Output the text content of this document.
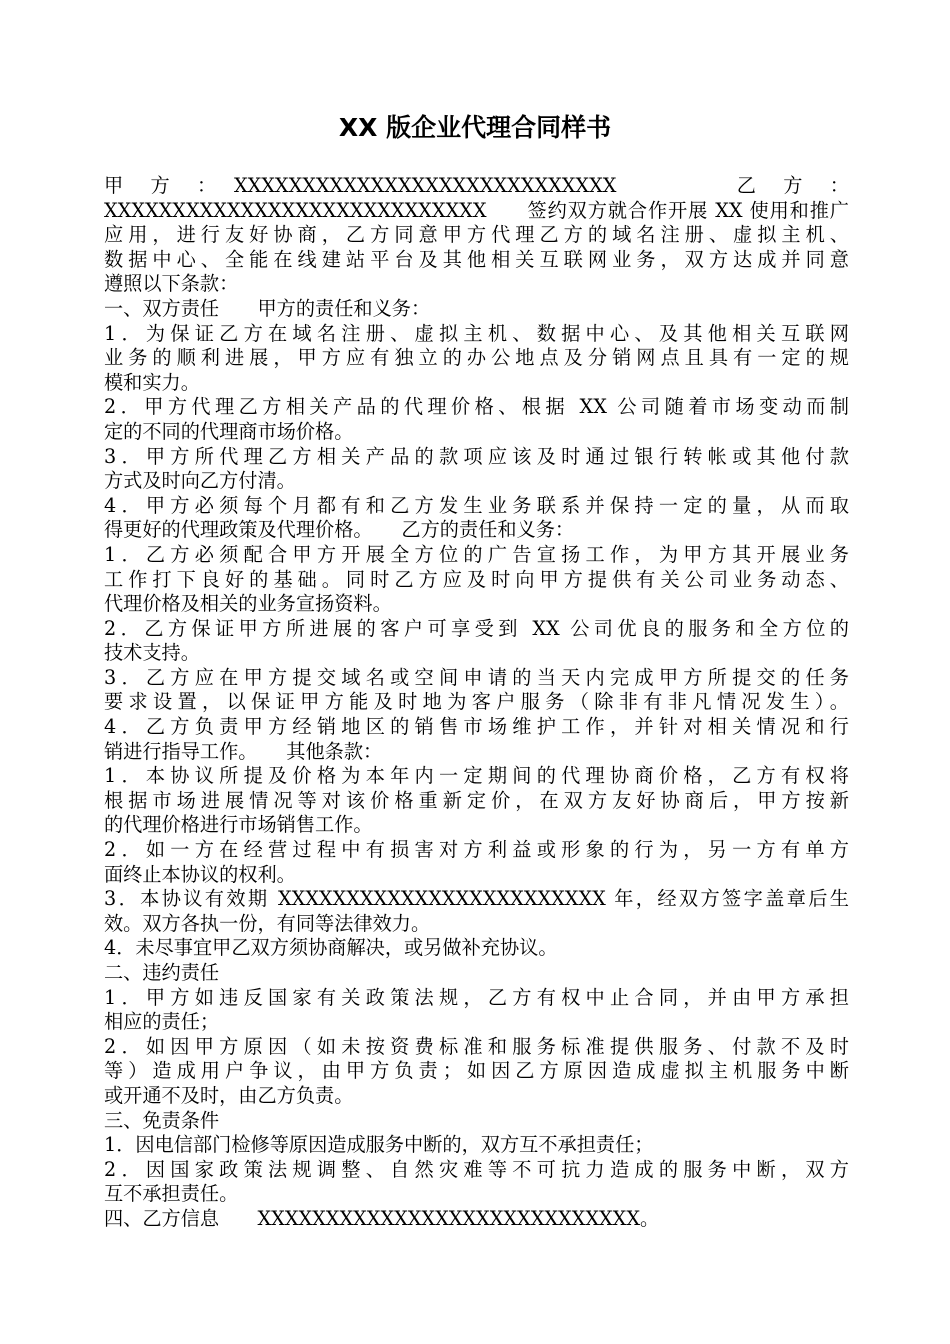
XX 版企业代理合同样书
甲　方　：　XXXXXXXXXXXXXXXXXXXXXXXXXXXX　　　　　乙　方　：
XXXXXXXXXXXXXXXXXXXXXXXXXXXX　　签约双方就合作开展 XX 使用和推广
应用，进行友好协商，乙方同意甲方代理乙方的域名注册、虚拟主机、
数据中心、全能在线建站平台及其他相关互联网业务，双方达成并同意
遵照以下条款：
一、双方责任　　甲方的责任和义务：
1．为保证乙方在域名注册、虚拟主机、数据中心、及其他相关互联网
业务的顺利进展，甲方应有独立的办公地点及分销网点且具有一定的规
模和实力。
2．甲方代理乙方相关产品的代理价格、根据 XX 公司随着市场变动而制
定的不同的代理商市场价格。
3．甲方所代理乙方相关产品的款项应该及时通过银行转帐或其他付款
方式及时向乙方付清。
4．甲方必须每个月都有和乙方发生业务联系并保持一定的量，从而取
得更好的代理政策及代理价格。　　乙方的责任和义务：
1．乙方必须配合甲方开展全方位的广告宣扬工作，为甲方其开展业务
工作打下良好的基础。同时乙方应及时向甲方提供有关公司业务动态、
代理价格及相关的业务宣扬资料。
2．乙方保证甲方所进展的客户可享受到 XX 公司优良的服务和全方位的
技术支持。
3．乙方应在甲方提交域名或空间申请的当天内完成甲方所提交的任务
要求设置，以保证甲方能及时地为客户服务（除非有非凡情况发生）。
4．乙方负责甲方经销地区的销售市场维护工作，并针对相关情况和行
销进行指导工作。　　其他条款：
1．本协议所提及价格为本年内一定期间的代理协商价格，乙方有权将
根据市场进展情况等对该价格重新定价，在双方友好协商后，甲方按新
的代理价格进行市场销售工作。
2．如一方在经营过程中有损害对方利益或形象的行为，另一方有单方
面终止本协议的权利。
3．本协议有效期 XXXXXXXXXXXXXXXXXXXXXXXX 年，经双方签字盖章后生
效。双方各执一份，有同等法律效力。
4．未尽事宜甲乙双方须协商解决，或另做补充协议。
二、违约责任
1．甲方如违反国家有关政策法规，乙方有权中止合同，并由甲方承担
相应的责任；
2．如因甲方原因（如未按资费标准和服务标准提供服务、付款不及时
等）造成用户争议，由甲方负责；如因乙方原因造成虚拟主机服务中断
或开通不及时，由乙方负责。
三、免责条件
1．因电信部门检修等原因造成服务中断的，双方互不承担责任；
2．因国家政策法规调整、自然灾难等不可抗力造成的服务中断，双方
互不承担责任。
四、乙方信息　　XXXXXXXXXXXXXXXXXXXXXXXXXXXX。
